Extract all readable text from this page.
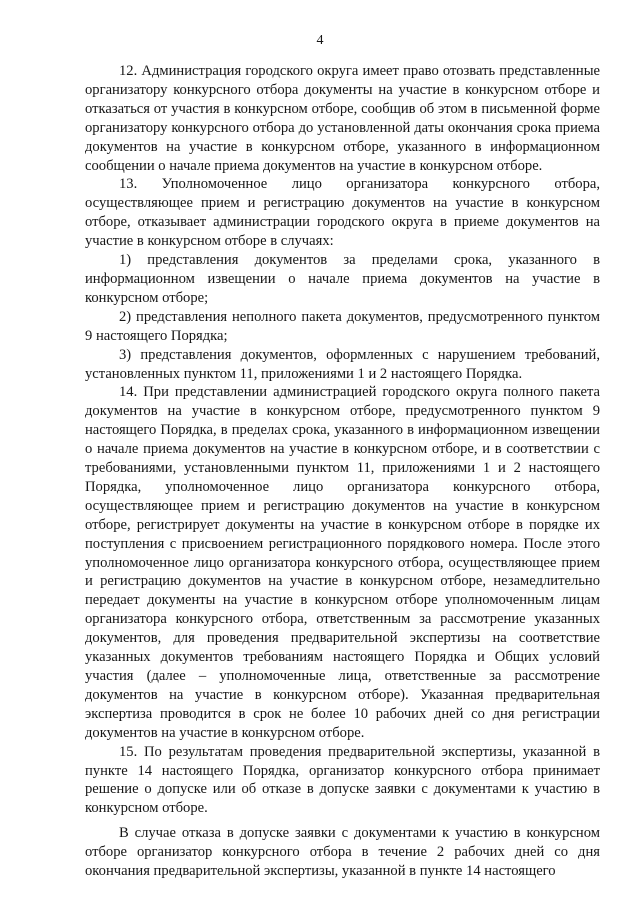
4

12. Администрация городского округа имеет право отозвать представленные организатору конкурсного отбора документы на участие в конкурсном отборе и отказаться от участия в конкурсном отборе, сообщив об этом в письменной форме организатору конкурсного отбора до установленной даты окончания срока приема документов на участие в конкурсном отборе, указанного в информационном сообщении о начале приема документов на участие в конкурсном отборе.

13. Уполномоченное лицо организатора конкурсного отбора, осуществляющее прием и регистрацию документов на участие в конкурсном отборе, отказывает администрации городского округа в приеме документов на участие в конкурсном отборе в случаях:

1) представления документов за пределами срока, указанного в информационном извещении о начале приема документов на участие в конкурсном отборе;

2) представления неполного пакета документов, предусмотренного пунктом 9 настоящего Порядка;

3) представления документов, оформленных с нарушением требований, установленных пунктом 11, приложениями 1 и 2 настоящего Порядка.

14. При представлении администрацией городского округа полного пакета документов на участие в конкурсном отборе, предусмотренного пунктом 9 настоящего Порядка, в пределах срока, указанного в информационном извещении о начале приема документов на участие в конкурсном отборе, и в соответствии с требованиями, установленными пунктом 11, приложениями 1 и 2 настоящего Порядка, уполномоченное лицо организатора конкурсного отбора, осуществляющее прием и регистрацию документов на участие в конкурсном отборе, регистрирует документы на участие в конкурсном отборе в порядке их поступления с присвоением регистрационного порядкового номера. После этого уполномоченное лицо организатора конкурсного отбора, осуществляющее прием и регистрацию документов на участие в конкурсном отборе, незамедлительно передает документы на участие в конкурсном отборе уполномоченным лицам организатора конкурсного отбора, ответственным за рассмотрение указанных документов, для проведения предварительной экспертизы на соответствие указанных документов требованиям настоящего Порядка и Общих условий участия (далее – уполномоченные лица, ответственные за рассмотрение документов на участие в конкурсном отборе). Указанная предварительная экспертиза проводится в срок не более 10 рабочих дней со дня регистрации документов на участие в конкурсном отборе.

15. По результатам проведения предварительной экспертизы, указанной в пункте 14 настоящего Порядка, организатор конкурсного отбора принимает решение о допуске или об отказе в допуске заявки с документами к участию в конкурсном отборе.

В случае отказа в допуске заявки с документами к участию в конкурсном отборе организатор конкурсного отбора в течение 2 рабочих дней со дня окончания предварительной экспертизы, указанной в пункте 14 настоящего
